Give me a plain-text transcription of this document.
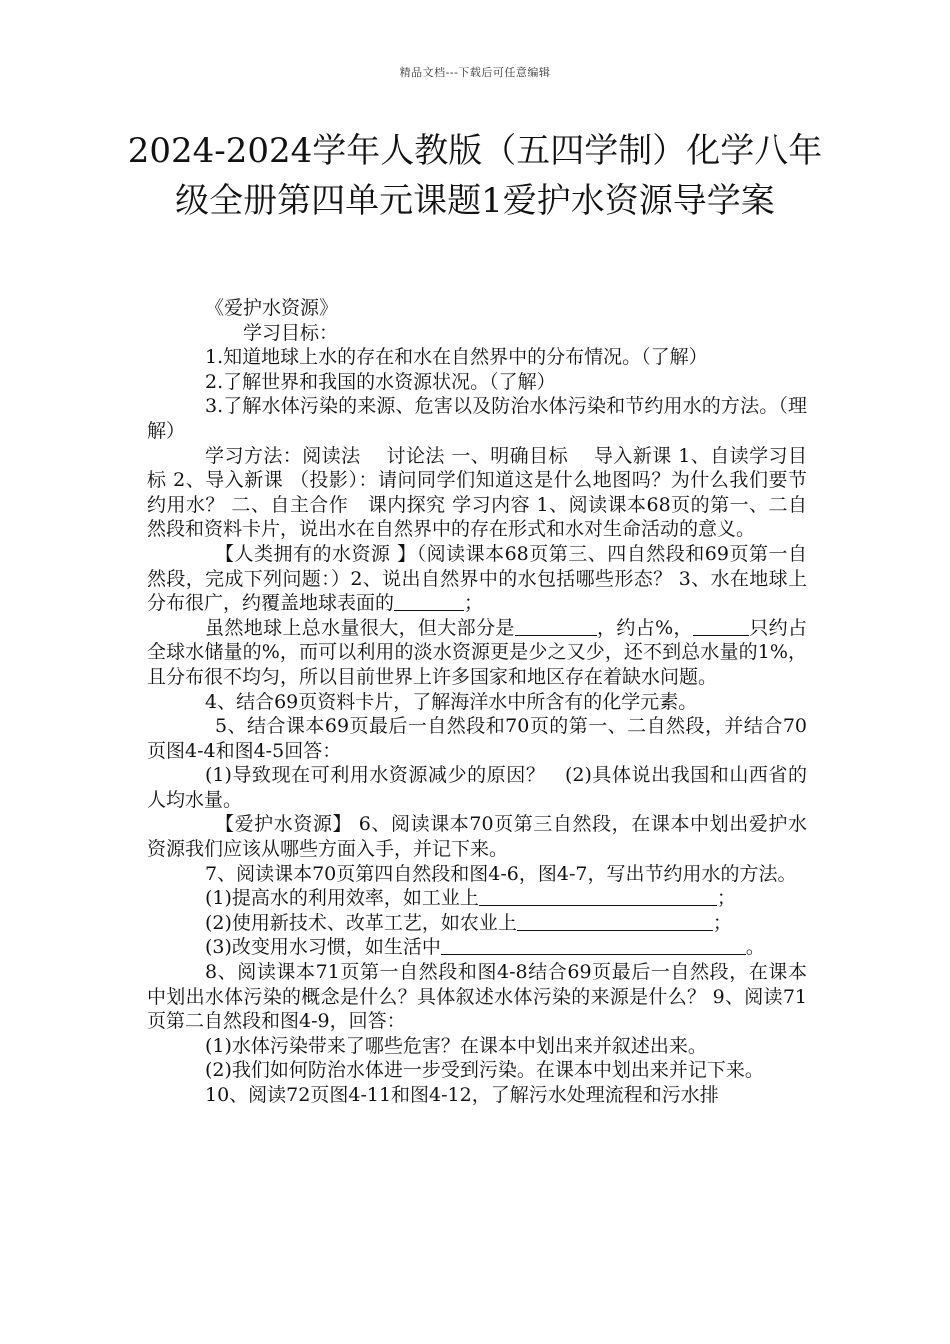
精品文档---下载后可任意编辑
2024-2024学年人教版（五四学制）化学八年级全册第四单元课题1爱护水资源导学案

《爱护水资源》

学习目标：

1.知道地球上水的存在和水在自然界中的分布情况。（了解）

2.了解世界和我国的水资源状况。（了解）

3.了解水体污染的来源、危害以及防治水体污染和节约用水的方法。（理解）

学习方法：阅读法　 讨论法 一、明确目标　 导入新课 1、自读学习目标 2、导入新课 （投影）：请问同学们知道这是什么地图吗？为什么我们要节约用水？ 二、自主合作　课内探究 学习内容 1、阅读课本68页的第一、二自然段和资料卡片，说出水在自然界中的存在形式和水对生命活动的意义。

【人类拥有的水资源 】（阅读课本68页第三、四自然段和69页第一自然段，完成下列问题：）2、说出自然界中的水包括哪些形态？ 3、水在地球上分布很广，约覆盖地球表面的	；

虽然地球上总水量很大，但大部分是	，约占%，	只约占全球水储量的%，而可以利用的淡水资源更是少之又少，还不到总水量的1%，且分布很不均匀，所以目前世界上许多国家和地区存在着缺水问题。

4、结合69页资料卡片，了解海洋水中所含有的化学元素。

5、结合课本69页最后一自然段和70页的第一、二自然段，并结合70页图4-4和图4-5回答：

(1)导致现在可利用水资源减少的原因？　(2)具体说出我国和山西省的人均水量。

【爱护水资源】 6、阅读课本70页第三自然段，在课本中划出爱护水资源我们应该从哪些方面入手，并记下来。

7、阅读课本70页第四自然段和图4-6，图4-7，写出节约用水的方法。

(1)提高水的利用效率，如工业上	；

(2)使用新技术、改革工艺，如农业上	；

(3)改变用水习惯，如生活中	。

8、阅读课本71页第一自然段和图4-8结合69页最后一自然段，在课本中划出水体污染的概念是什么？具体叙述水体污染的来源是什么？ 9、阅读71页第二自然段和图4-9，回答：

(1)水体污染带来了哪些危害？在课本中划出来并叙述出来。

(2)我们如何防治水体进一步受到污染。在课本中划出来并记下来。

10、阅读72页图4-11和图4-12，了解污水处理流程和污水排
